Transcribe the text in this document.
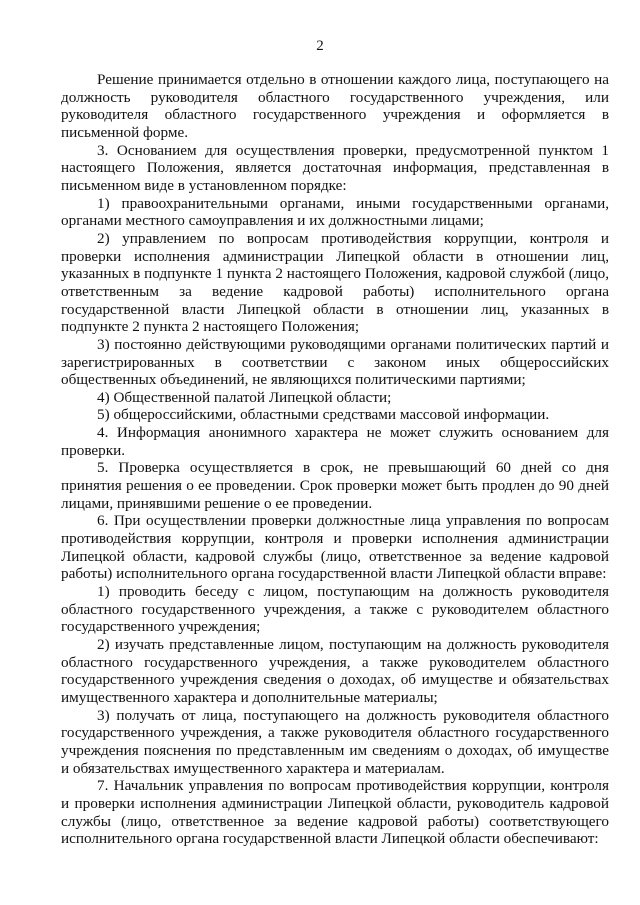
2

Решение принимается отдельно в отношении каждого лица, поступающего на должность руководителя областного государственного учреждения, или руководителя областного государственного учреждения и оформляется в письменной форме.

3. Основанием для осуществления проверки, предусмотренной пунктом 1 настоящего Положения, является достаточная информация, представленная в письменном виде в установленном порядке:

1) правоохранительными органами, иными государственными органами, органами местного самоуправления и их должностными лицами;

2) управлением по вопросам противодействия коррупции, контроля и проверки исполнения администрации Липецкой области в отношении лиц, указанных в подпункте 1 пункта 2 настоящего Положения, кадровой службой (лицо, ответственным за ведение кадровой работы) исполнительного органа государственной власти Липецкой области в отношении лиц, указанных в подпункте 2 пункта 2 настоящего Положения;

3) постоянно действующими руководящими органами политических партий и зарегистрированных в соответствии с законом иных общероссийских общественных объединений, не являющихся политическими партиями;

4) Общественной палатой Липецкой области;

5) общероссийскими, областными средствами массовой информации.

4. Информация анонимного характера не может служить основанием для проверки.

5. Проверка осуществляется в срок, не превышающий 60 дней со дня принятия решения о ее проведении. Срок проверки может быть продлен до 90 дней лицами, принявшими решение о ее проведении.

6. При осуществлении проверки должностные лица управления по вопросам противодействия коррупции, контроля и проверки исполнения администрации Липецкой области, кадровой службы (лицо, ответственное за ведение кадровой работы) исполнительного органа государственной власти Липецкой области вправе:

1) проводить беседу с лицом, поступающим на должность руководителя областного государственного учреждения, а также с руководителем областного государственного учреждения;

2) изучать представленные лицом, поступающим на должность руководителя областного государственного учреждения, а также руководителем областного государственного учреждения сведения о доходах, об имуществе и обязательствах имущественного характера и дополнительные материалы;

3) получать от лица, поступающего на должность руководителя областного государственного учреждения, а также руководителя областного государственного учреждения пояснения по представленным им сведениям о доходах, об имуществе и обязательствах имущественного характера и материалам.

7. Начальник управления по вопросам противодействия коррупции, контроля и проверки исполнения администрации Липецкой области, руководитель кадровой службы (лицо, ответственное за ведение кадровой работы) соответствующего исполнительного органа государственной власти Липецкой области обеспечивают:
